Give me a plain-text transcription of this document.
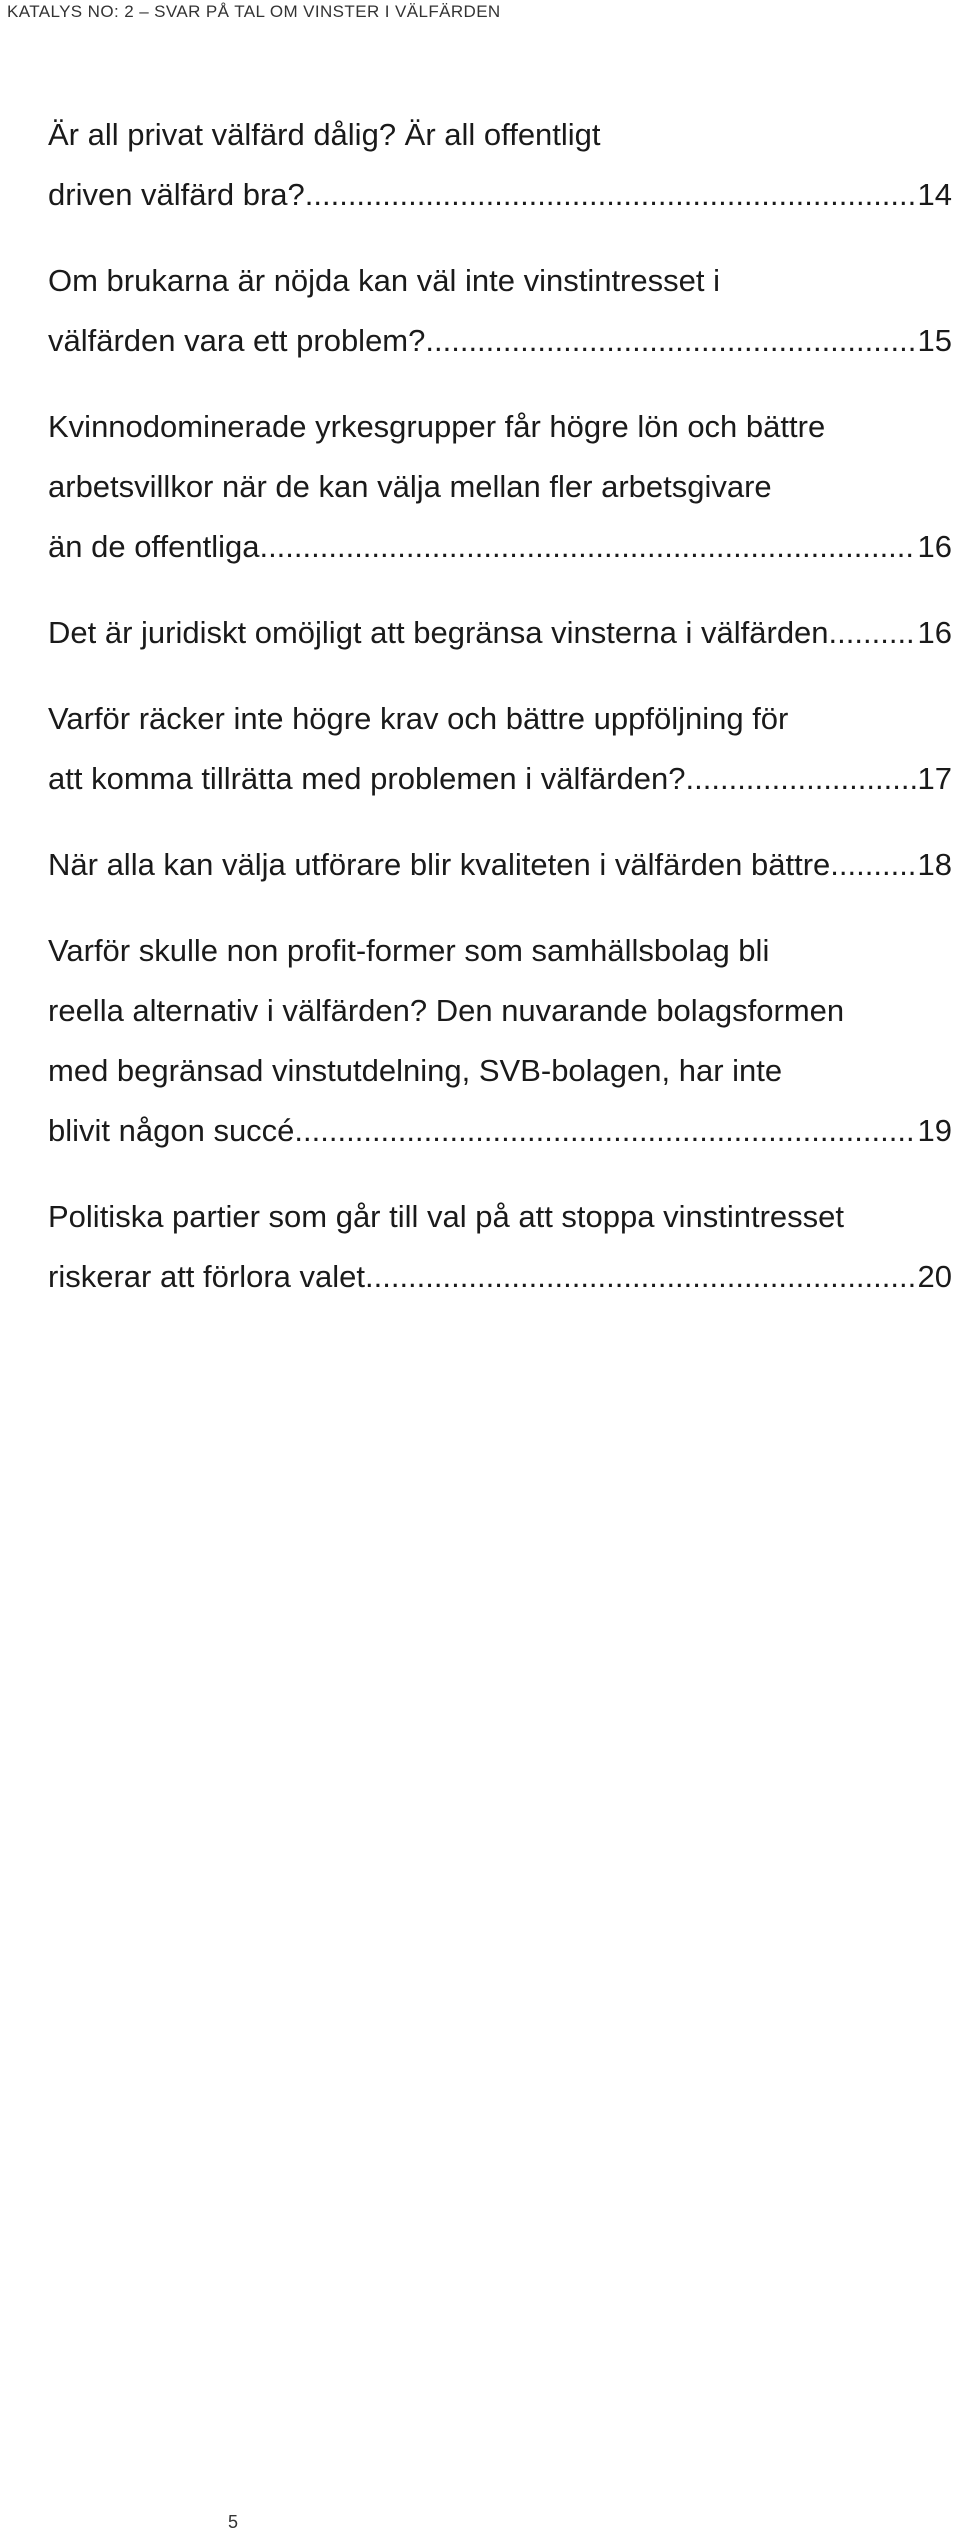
KATALYS NO: 2 – SVAR PÅ TAL OM VINSTER I VÄLFÄRDEN
Är all privat välfärd dålig? Är all offentligt
driven välfärd bra? .....	14
Om brukarna är nöjda kan väl inte vinstintresset i
välfärden vara ett problem? .....	15
Kvinnodominerade yrkesgrupper får högre lön och bättre
arbetsvillkor när de kan välja mellan fler arbetsgivare
än de offentliga .....	16
Det är juridiskt omöjligt att begränsa vinsterna i välfärden. .....	16
Varför räcker inte högre krav och bättre uppföljning för
att komma tillrätta med problemen i välfärden? .....	17
När alla kan välja utförare blir kvaliteten i välfärden bättre. .....	18
Varför skulle non profit-former som samhällsbolag bli
reella alternativ i välfärden? Den nuvarande bolagsformen
med begränsad vinstutdelning, SVB-bolagen, har inte
blivit någon succé. .....	19
Politiska partier som går till val på att stoppa vinstintresset
riskerar att förlora valet. .....	20
5
